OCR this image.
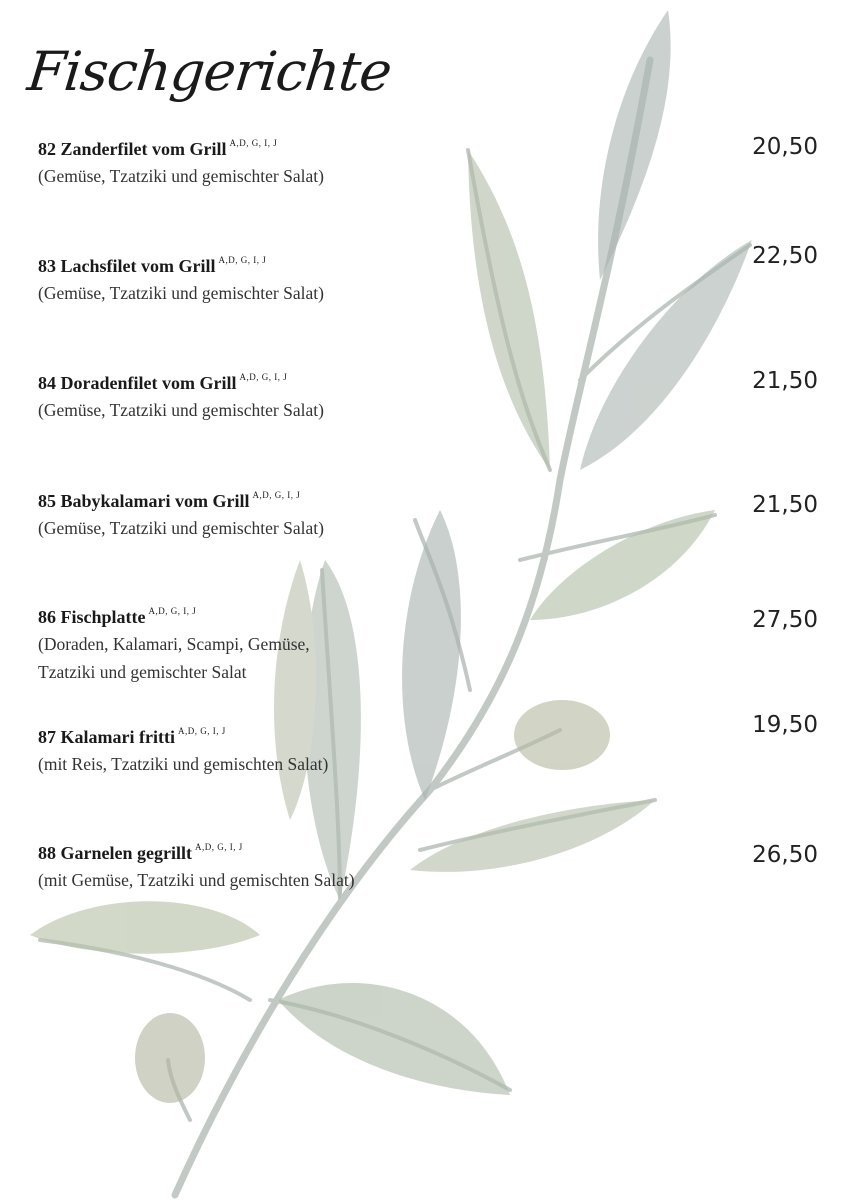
Fischgerichte
82 Zanderfilet vom Grill $^{A,D, G, I, J}$	20,50
(Gemüse, Tzatziki und gemischter Salat)
83 Lachsfilet vom Grill $^{A,D, G, I, J}$	22,50
(Gemüse, Tzatziki und gemischter Salat)
84 Doradenfilet vom Grill $^{A,D, G, I, J}$	21,50
(Gemüse, Tzatziki und gemischter Salat)
85 Babykalamari vom Grill $^{A,D, G, I, J}$	21,50
(Gemüse, Tzatziki und gemischter Salat)
86 Fischplatte $^{A,D, G, I, J}$	27,50
(Doraden, Kalamari, Scampi, Gemüse,
Tzatziki und gemischter Salat
87 Kalamari fritti $^{A,D, G, I, J}$	19,50
(mit Reis, Tzatziki und gemischten Salat)
88 Garnelen gegrillt $^{A,D, G, I, J}$	26,50
(mit Gemüse, Tzatziki und gemischten Salat)
